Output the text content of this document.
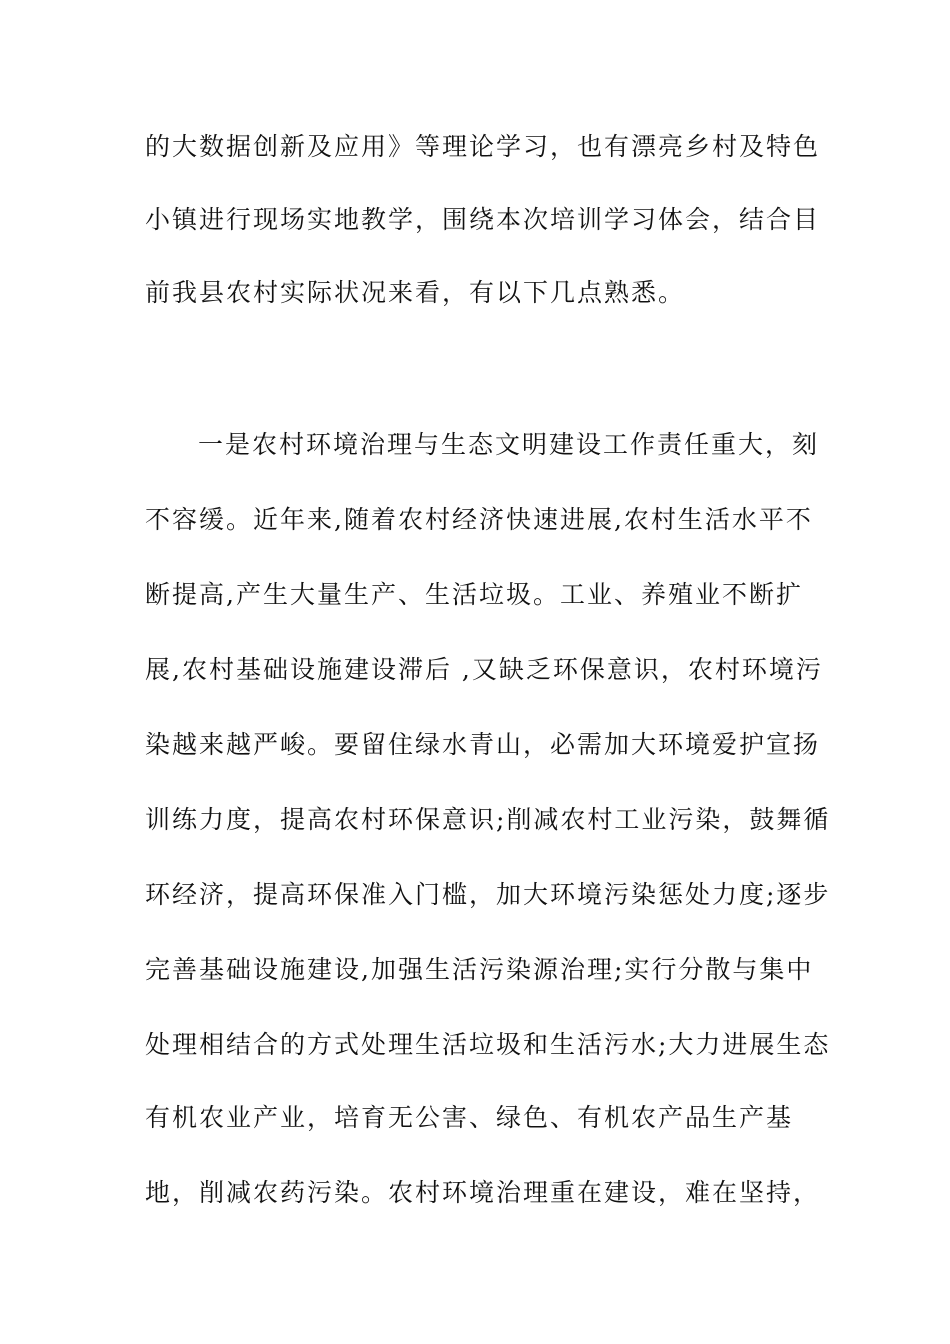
的大数据创新及应用》等理论学习，也有漂亮乡村及特色
小镇进行现场实地教学，围绕本次培训学习体会，结合目
前我县农村实际状况来看，有以下几点熟悉。
一是农村环境治理与生态文明建设工作责任重大，刻
不容缓。近年来,随着农村经济快速进展,农村生活水平不
断提高,产生大量生产、生活垃圾。工业、养殖业不断扩
展,农村基础设施建设滞后 ,又缺乏环保意识，农村环境污
染越来越严峻。要留住绿水青山，必需加大环境爱护宣扬
训练力度，提高农村环保意识;削减农村工业污染，鼓舞循
环经济，提高环保准入门槛，加大环境污染惩处力度;逐步
完善基础设施建设,加强生活污染源治理;实行分散与集中
处理相结合的方式处理生活垃圾和生活污水;大力进展生态
有机农业产业，培育无公害、绿色、有机农产品生产基
地，削减农药污染。农村环境治理重在建设，难在坚持，
